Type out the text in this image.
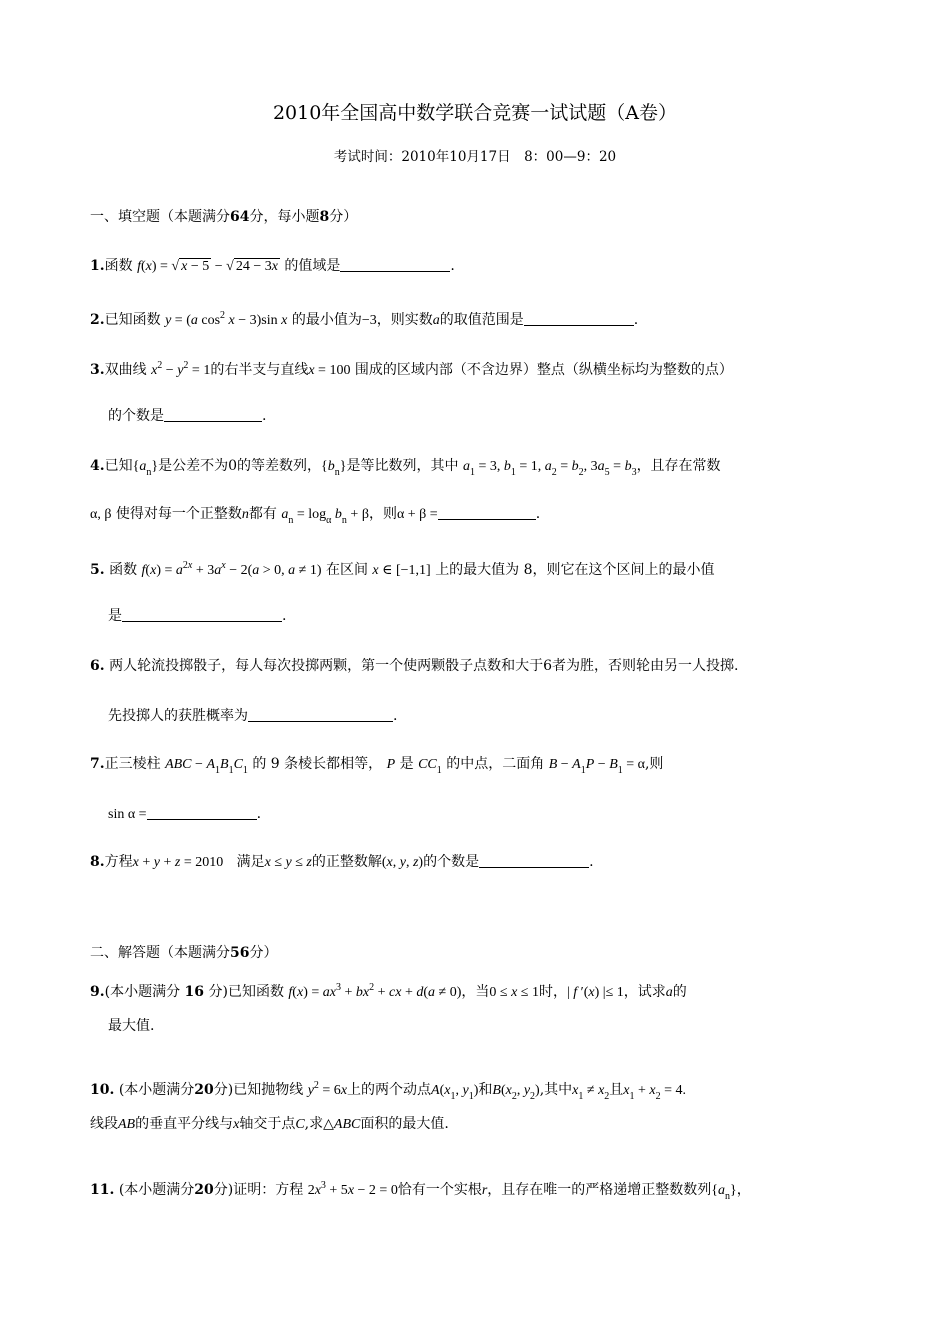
2010年全国高中数学联合竞赛一试试题（A卷）
考试时间：2010年10月17日　8：00—9：20
一、填空题（本题满分64分，每小题8分）
1.函数 f(x) = √ x − 5 − √ 24 − 3x 的值域是	.
2.已知函数 y = (a $\cos^2 x - 3)\sin$ x 的最小值为−3，则实数a的取值范围是	.
3.双曲线 $x^2 - y^2 = 1$的右半支与直线x = 100 围成的区域内部（不含边界）整点（纵横坐标均为整数的点）
的个数是	.
4.已知$\{a_n\}$是公差不为0的等差数列，$\{b_n\}$是等比数列，其中 $a_1 = 3$, $b_1 = 1$, $a_2 = b_2$, $3a_5 = b_3$，且存在常数
α, β 使得对每一个正整数n都有 $a_n = \log_\alpha b_n + \beta$，则α + β =	.
5. 函数 $f(x) = a^{2x} + 3a^x - 2(a > 0$, a ≠ 1) 在区间 x ∈ [−1,1] 上的最大值为 8，则它在这个区间上的最小值
是	.
6. 两人轮流投掷骰子，每人每次投掷两颗，第一个使两颗骰子点数和大于6者为胜，否则轮由另一人投掷.
先投掷人的获胜概率为	.
7.正三棱柱 ABC − $A_1B_1C_1$ 的 9 条棱长都相等， P 是 $CC_1$ 的中点，二面角 $B - A_1P - B_1 = \alpha$,则
sin α =	.
8.方程x + y + z = 2010 满足x ≤ y ≤ z的正整数解(x, y, z)的个数是	.
二、解答题（本题满分56分）
9.(本小题满分 16 分)已知函数 $f(x) = ax^3 + bx^2$ + cx + d(a ≠ 0)，当0 ≤ x ≤ 1时，| f ′(x) |≤ 1，试求a的
最大值.
10. (本小题满分20分)已知抛物线 $y^2 = 6x$上的两个动点$A(x_1$, $y_1$)和$B(x_2$, $y_2$),其中$x_1 \ne x_2$且$x_1 + x_2 = 4$.
线段AB的垂直平分线与x轴交于点C,求△ABC面积的最大值.
11. (本小题满分20分)证明：方程 $2x^3 + 5x - 2 = 0$恰有一个实根r，且存在唯一的严格递增正整数数列$\{a_n\}$，
